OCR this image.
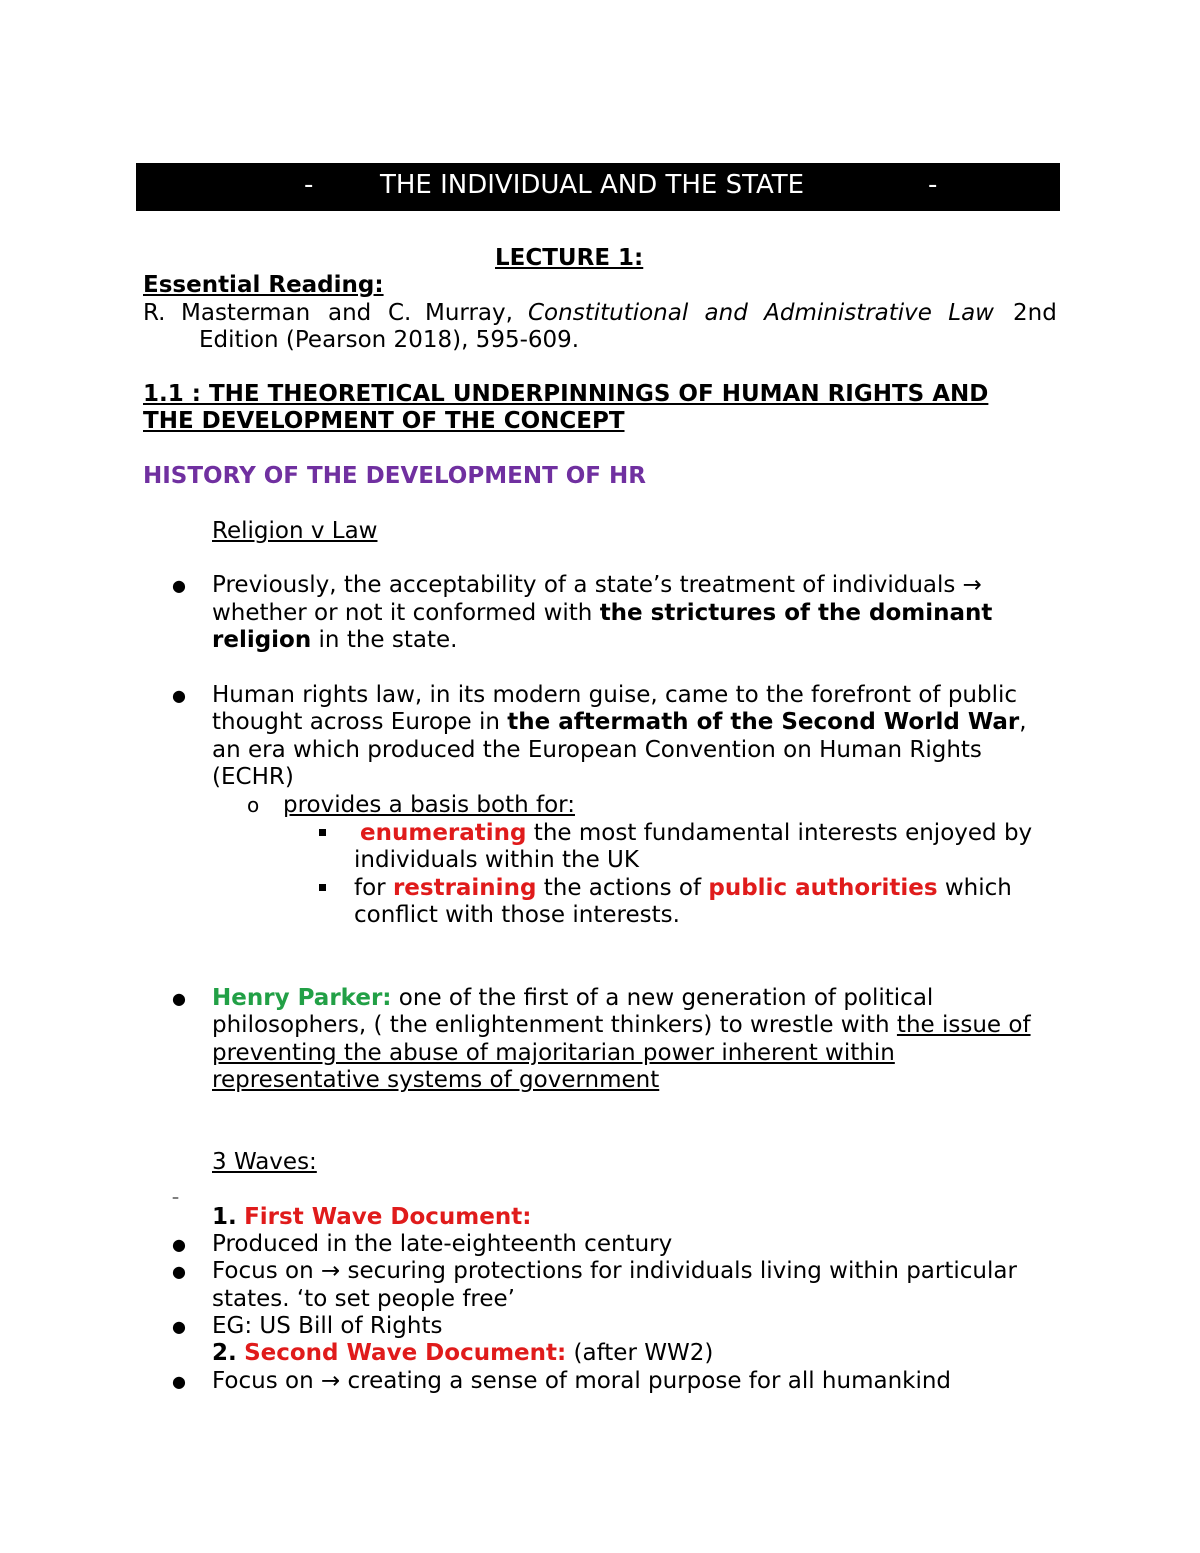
-	THE INDIVIDUAL AND THE STATE	-
LECTURE 1:
Essential Reading:
R. Masterman and C. Murray, Constitutional and Administrative Law 2nd
Edition (Pearson 2018), 595-609.
1.1 : THE THEORETICAL UNDERPINNINGS OF HUMAN RIGHTS AND
THE DEVELOPMENT OF THE CONCEPT
HISTORY OF THE DEVELOPMENT OF HR
Religion v Law
● Previously, the acceptability of a state’s treatment of individuals →
whether or not it conformed with the strictures of the dominant
religion in the state.
● Human rights law, in its modern guise, came to the forefront of public
thought across Europe in the aftermath of the Second World War,
an era which produced the European Convention on Human Rights
(ECHR)
o provides a basis both for:
enumerating the most fundamental interests enjoyed by
individuals within the UK
for restraining the actions of public authorities which
conflict with those interests.
● Henry Parker: one of the first of a new generation of political
philosophers, ( the enlightenment thinkers) to wrestle with the issue of
preventing the abuse of majoritarian power inherent within
representative systems of government
3 Waves:
–
1. First Wave Document:
● Produced in the late-eighteenth century
● Focus on → securing protections for individuals living within particular
states. ‘to set people free’
● EG: US Bill of Rights
2. Second Wave Document: (after WW2)
● Focus on → creating a sense of moral purpose for all humankind
